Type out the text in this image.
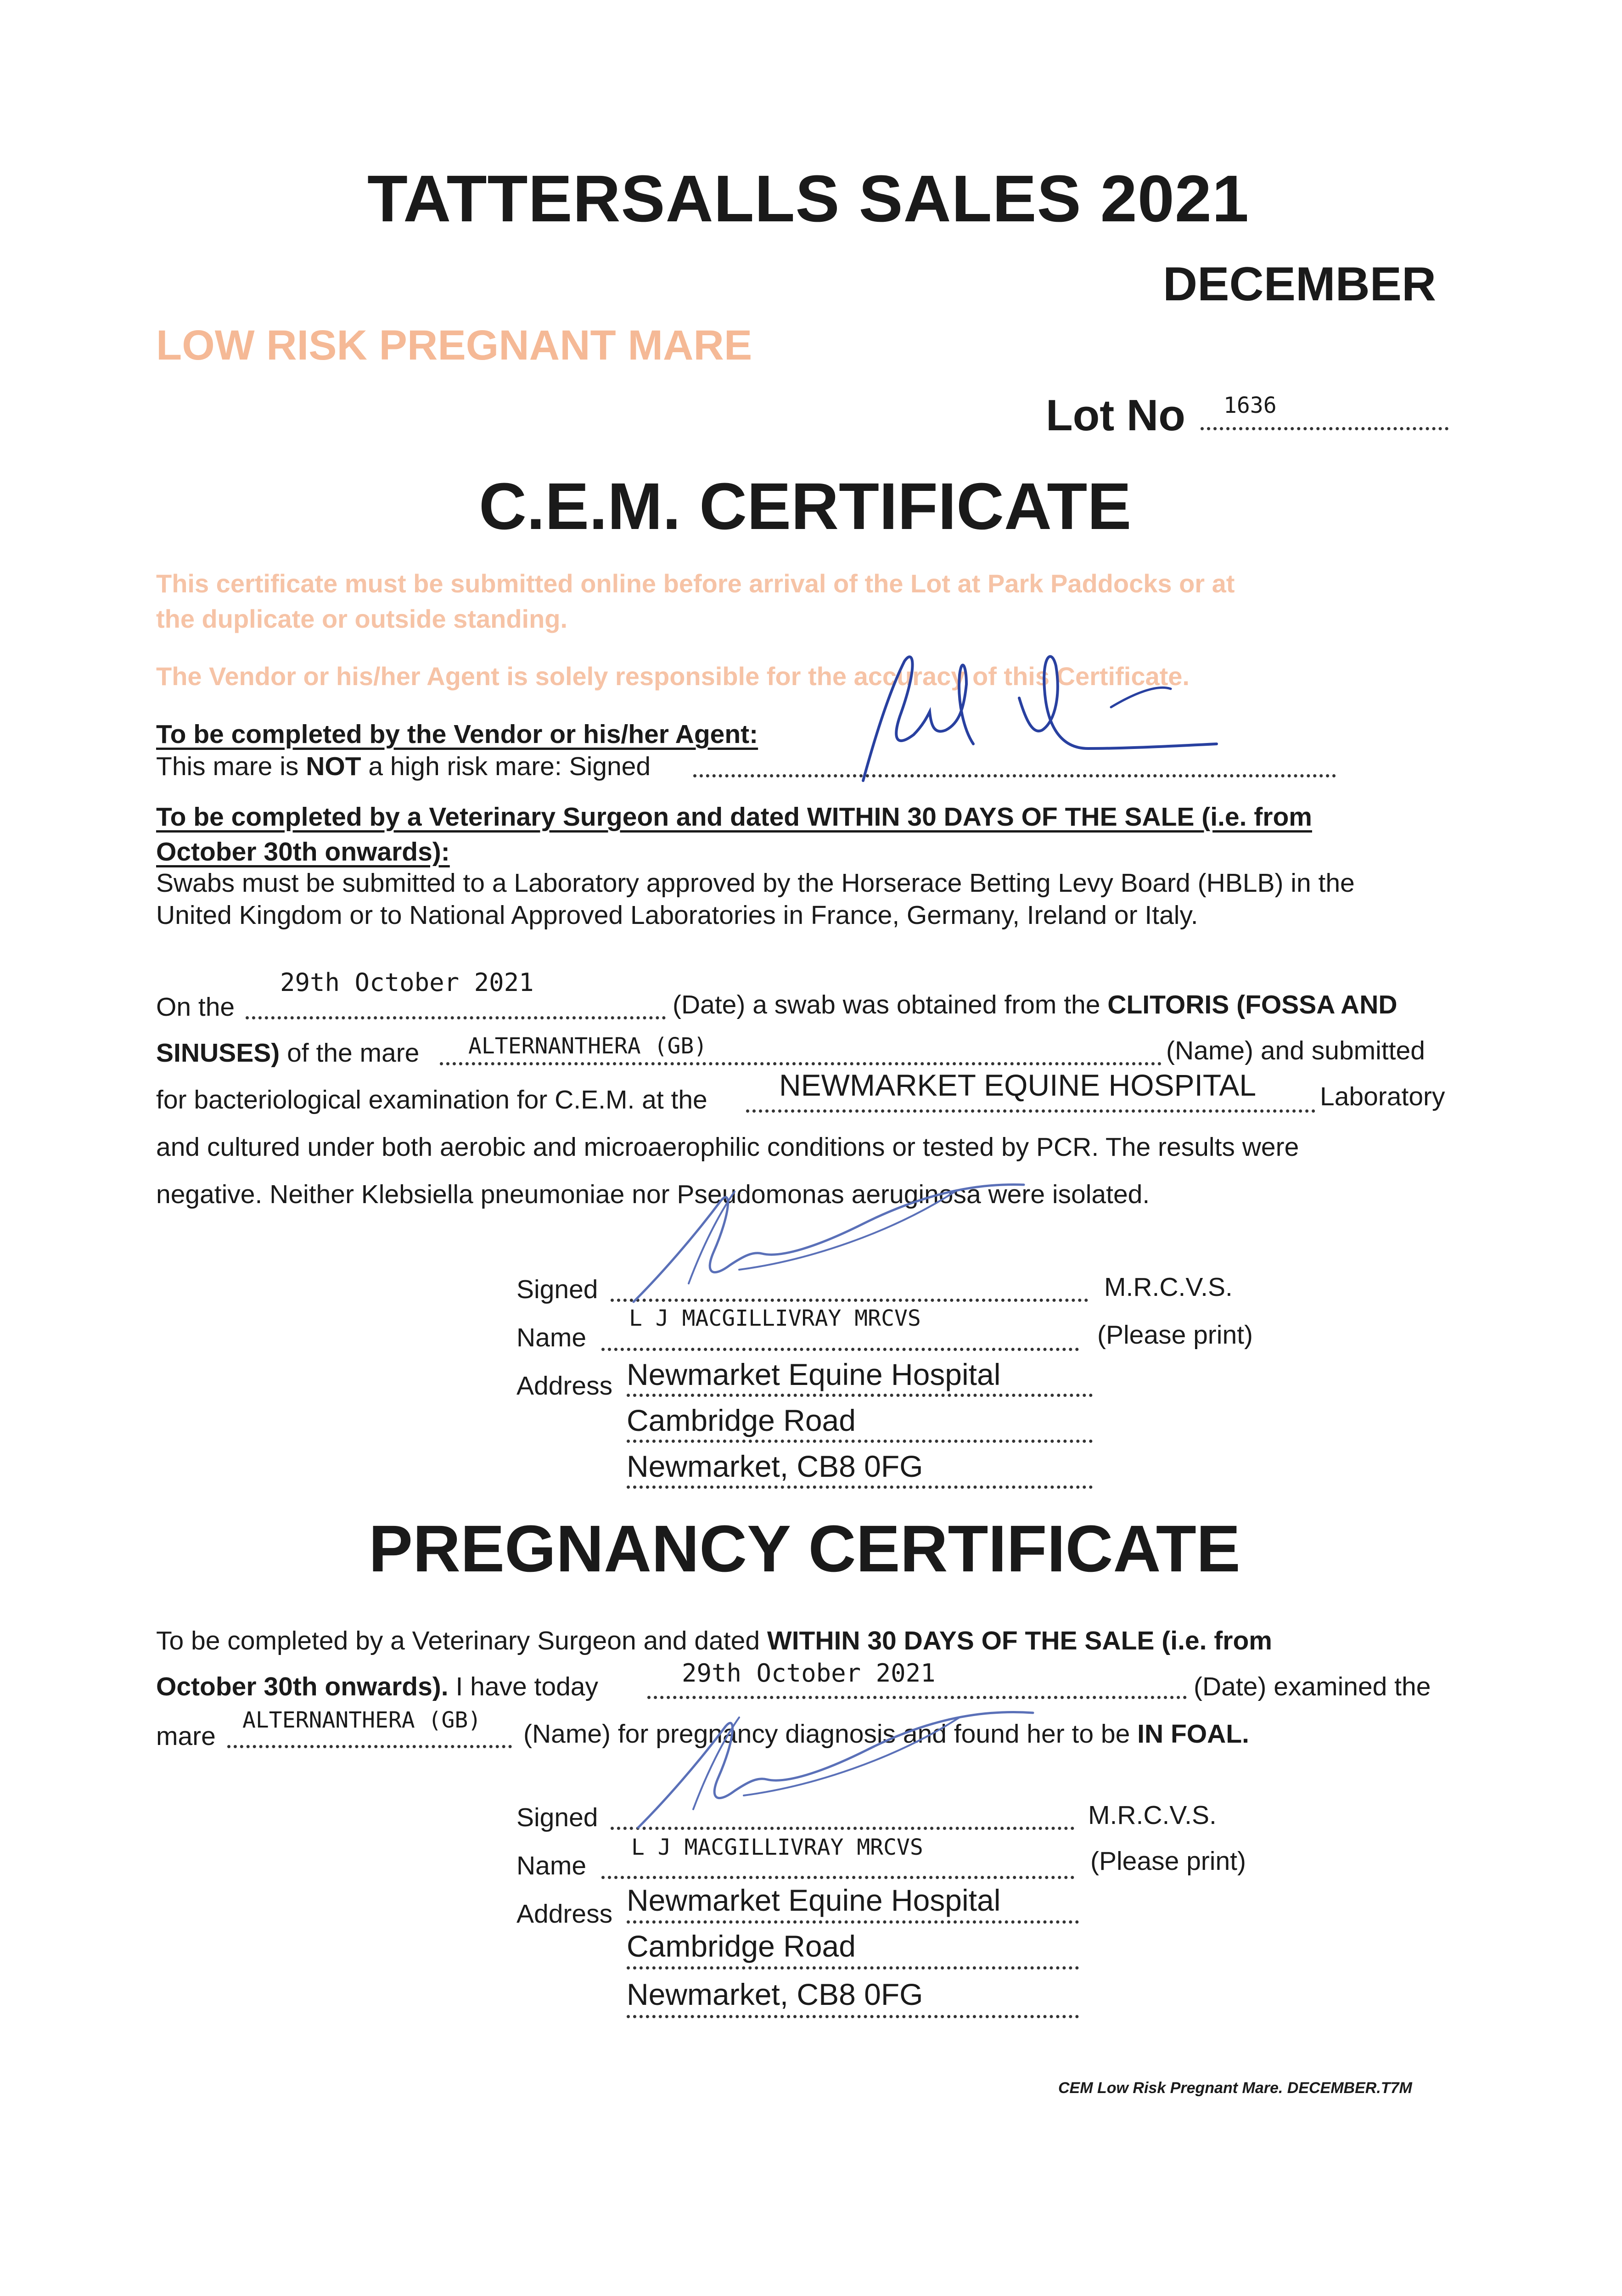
TATTERSALLS SALES 2021
DECEMBER
LOW RISK PREGNANT MARE
Lot No 1636
C.E.M. CERTIFICATE
This certificate must be submitted online before arrival of the Lot at Park Paddocks or at
the duplicate or outside standing.
The Vendor or his/her Agent is solely responsible for the accuracy of this Certificate.
To be completed by the Vendor or his/her Agent:
This mare is NOT a high risk mare: Signed
To be completed by a Veterinary Surgeon and dated WITHIN 30 DAYS OF THE SALE (i.e. from
October 30th onwards):
Swabs must be submitted to a Laboratory approved by the Horserace Betting Levy Board (HBLB) in the
United Kingdom or to National Approved Laboratories in France, Germany, Ireland or Italy.
On the
29th October 2021
(Date) a swab was obtained from the CLITORIS (FOSSA AND
SINUSES) of the mare ALTERNANTHERA (GB)	(Name) and submitted
for bacteriological examination for C.E.M. at the NEWMARKET EQUINE HOSPITAL Laboratory
and cultured under both aerobic and microaerophilic conditions or tested by PCR. The results were
negative. Neither Klebsiella pneumoniae nor Pseudomonas aeruginosa were isolated.
Signed	M.R.C.V.S.
Name
L J MACGILLIVRAY MRCVS
(Please print)
Address Newmarket Equine Hospital
Cambridge Road
Newmarket, CB8 0FG
PREGNANCY CERTIFICATE
To be completed by a Veterinary Surgeon and dated WITHIN 30 DAYS OF THE SALE (i.e. from
October 30th onwards). I have today	29th October 2021	(Date) examined the
mare
ALTERNANTHERA (GB) (Name) for pregnancy diagnosis and found her to be IN FOAL.
Signed	M.R.C.V.S.
Name
L J MACGILLIVRAY MRCVS	(Please print)
Address Newmarket Equine Hospital
Cambridge Road
Newmarket, CB8 0FG
CEM Low Risk Pregnant Mare. DECEMBER.T7M
